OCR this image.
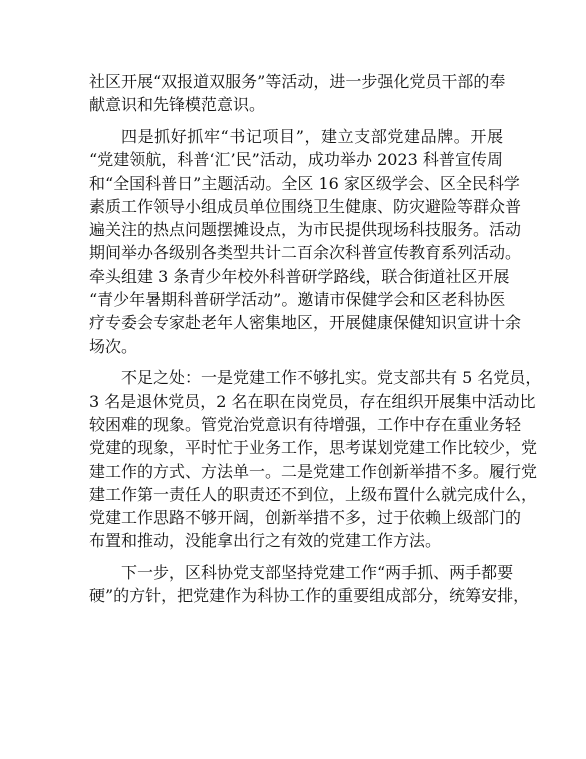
社区开展“双报道双服务”等活动，进一步强化党员干部的奉
献意识和先锋模范意识。
四是抓好抓牢“书记项目”，建立支部党建品牌。开展
“党建领航，科普‘汇’民”活动，成功举办 2023 科普宣传周
和“全国科普日”主题活动。全区 16 家区级学会、区全民科学
素质工作领导小组成员单位围绕卫生健康、防灾避险等群众普
遍关注的热点问题摆摊设点，为市民提供现场科技服务。活动
期间举办各级别各类型共计二百余次科普宣传教育系列活动。
牵头组建 3 条青少年校外科普研学路线，联合街道社区开展
“青少年暑期科普研学活动”。邀请市保健学会和区老科协医
疗专委会专家赴老年人密集地区，开展健康保健知识宣讲十余
场次。
不足之处：一是党建工作不够扎实。党支部共有 5 名党员，
3 名是退休党员，2 名在职在岗党员，存在组织开展集中活动比
较困难的现象。管党治党意识有待增强，工作中存在重业务轻
党建的现象，平时忙于业务工作，思考谋划党建工作比较少，党
建工作的方式、方法单一。二是党建工作创新举措不多。履行党
建工作第一责任人的职责还不到位，上级布置什么就完成什么，
党建工作思路不够开阔，创新举措不多，过于依赖上级部门的
布置和推动，没能拿出行之有效的党建工作方法。
下一步，区科协党支部坚持党建工作“两手抓、两手都要
硬”的方针，把党建作为科协工作的重要组成部分，统筹安排，
